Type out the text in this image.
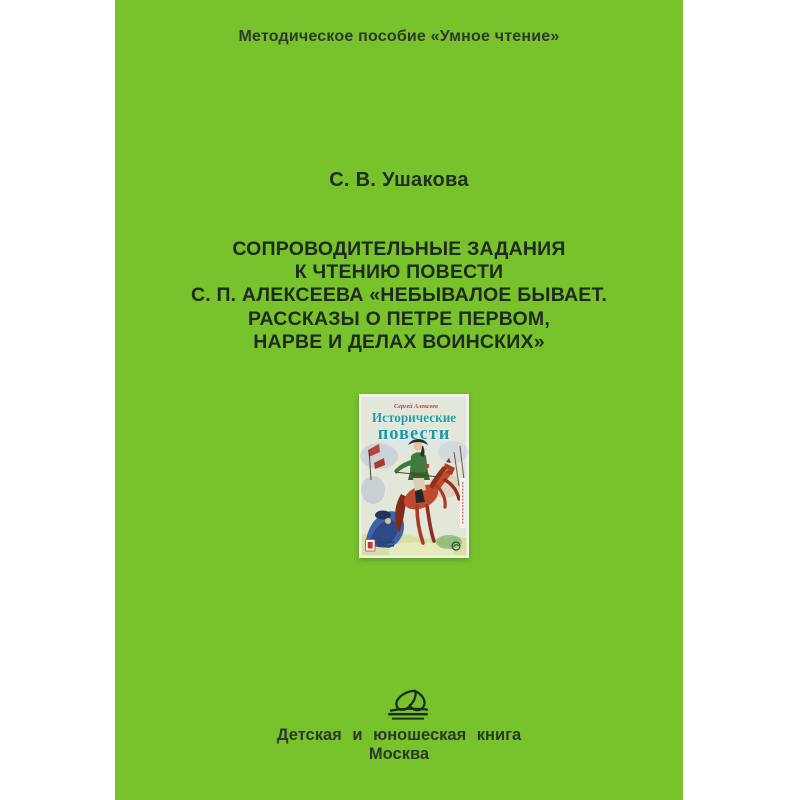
Методическое пособие «Умное чтение»
С. В. Ушакова
СОПРОВОДИТЕЛЬНЫЕ ЗАДАНИЯ
К ЧТЕНИЮ ПОВЕСТИ
С. П. АЛЕКСЕЕВА «НЕБЫВАЛОЕ БЫВАЕТ.
РАССКАЗЫ О ПЕТРЕ ПЕРВОМ,
НАРВЕ И ДЕЛАХ ВОИНСКИХ»
Сергей Алексеев
Исторические
повести
Детская и юношеская книга
Москва
